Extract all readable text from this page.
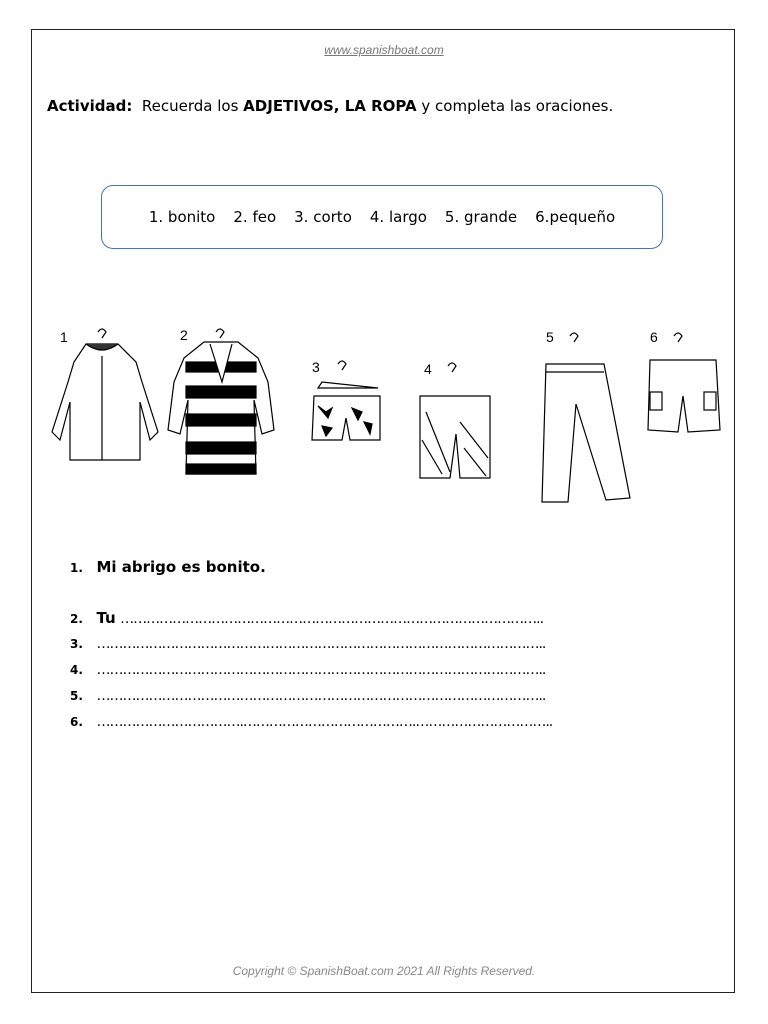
www.spanishboat.com
Actividad: Recuerda los ADJETIVOS, LA ROPA y completa las oraciones.
1. bonito 2. feo 3. corto 4. largo 5. grande 6.pequeño
1	2
3	4
5	6
1. Mi abrigo es bonito.
2. Tu ……………………………………………………………………………………..
3. …………………………………………………………………………………………..
4. …………………………………………………………………………………………..
5. …………………………………………………………………………………………..
6. …………………………….………………………………….…………………………..
Copyright © SpanishBoat.com 2021 All Rights Reserved.
